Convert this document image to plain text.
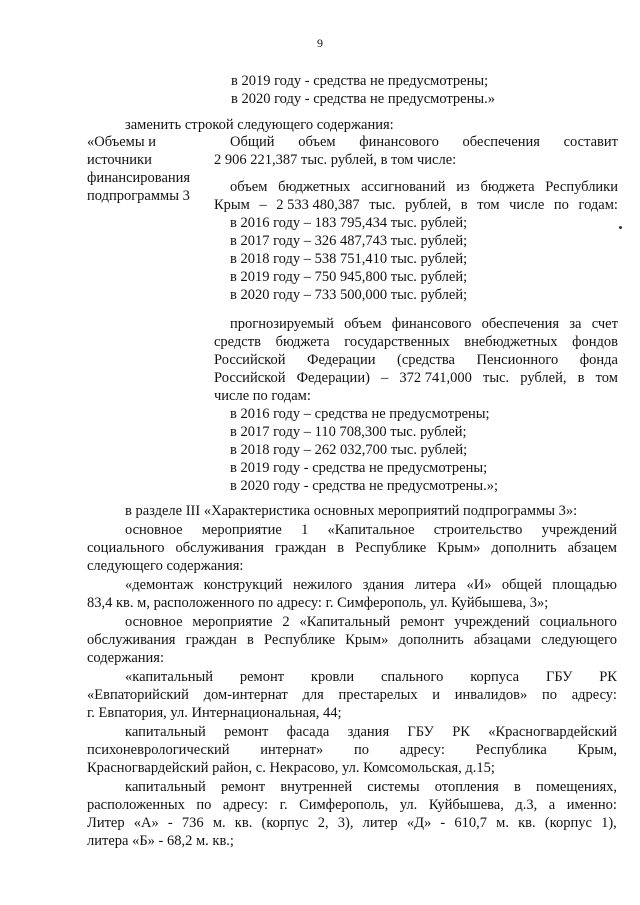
9
в 2019 году - средства не предусмотрены;
в 2020 году - средства не предусмотрены.»
заменить строкой следующего содержания:
«Объемы и
источники
финансирования
подпрограммы 3
Общий объем финансового обеспечения составит
2 906 221,387 тыс. рублей, в том числе:
объем бюджетных ассигнований из бюджета Республики
Крым – 2 533 480,387 тыс. рублей, в том числе по годам:
в 2016 году – 183 795,434 тыс. рублей;
в 2017 году – 326 487,743 тыс. рублей;
в 2018 году – 538 751,410 тыс. рублей;
в 2019 году – 750 945,800 тыс. рублей;
в 2020 году – 733 500,000 тыс. рублей;
прогнозируемый объем финансового обеспечения за счет
средств бюджета государственных внебюджетных фондов
Российской Федерации (средства Пенсионного фонда
Российской Федерации) – 372 741,000 тыс. рублей, в том
числе по годам:
в 2016 году – средства не предусмотрены;
в 2017 году – 110 708,300 тыс. рублей;
в 2018 году – 262 032,700 тыс. рублей;
в 2019 году - средства не предусмотрены;
в 2020 году - средства не предусмотрены.»;
в разделе III «Характеристика основных мероприятий подпрограммы 3»:
основное мероприятие 1 «Капитальное строительство учреждений
социального обслуживания граждан в Республике Крым» дополнить абзацем
следующего содержания:
«демонтаж конструкций нежилого здания литера «И» общей площадью
83,4 кв. м, расположенного по адресу: г. Симферополь, ул. Куйбышева, 3»;
основное мероприятие 2 «Капитальный ремонт учреждений социального
обслуживания граждан в Республике Крым» дополнить абзацами следующего
содержания:
«капитальный ремонт кровли спального корпуса ГБУ РК
«Евпаторийский дом-интернат для престарелых и инвалидов» по адресу:
г. Евпатория, ул. Интернациональная, 44;
капитальный ремонт фасада здания ГБУ РК «Красногвардейский
психоневрологический интернат» по адресу: Республика Крым,
Красногвардейский район, с. Некрасово, ул. Комсомольская, д.15;
капитальный ремонт внутренней системы отопления в помещениях,
расположенных по адресу: г. Симферополь, ул. Куйбышева, д.3, а именно:
Литер «А» - 736 м. кв. (корпус 2, 3), литер «Д» - 610,7 м. кв. (корпус 1),
литера «Б» - 68,2 м. кв.;
